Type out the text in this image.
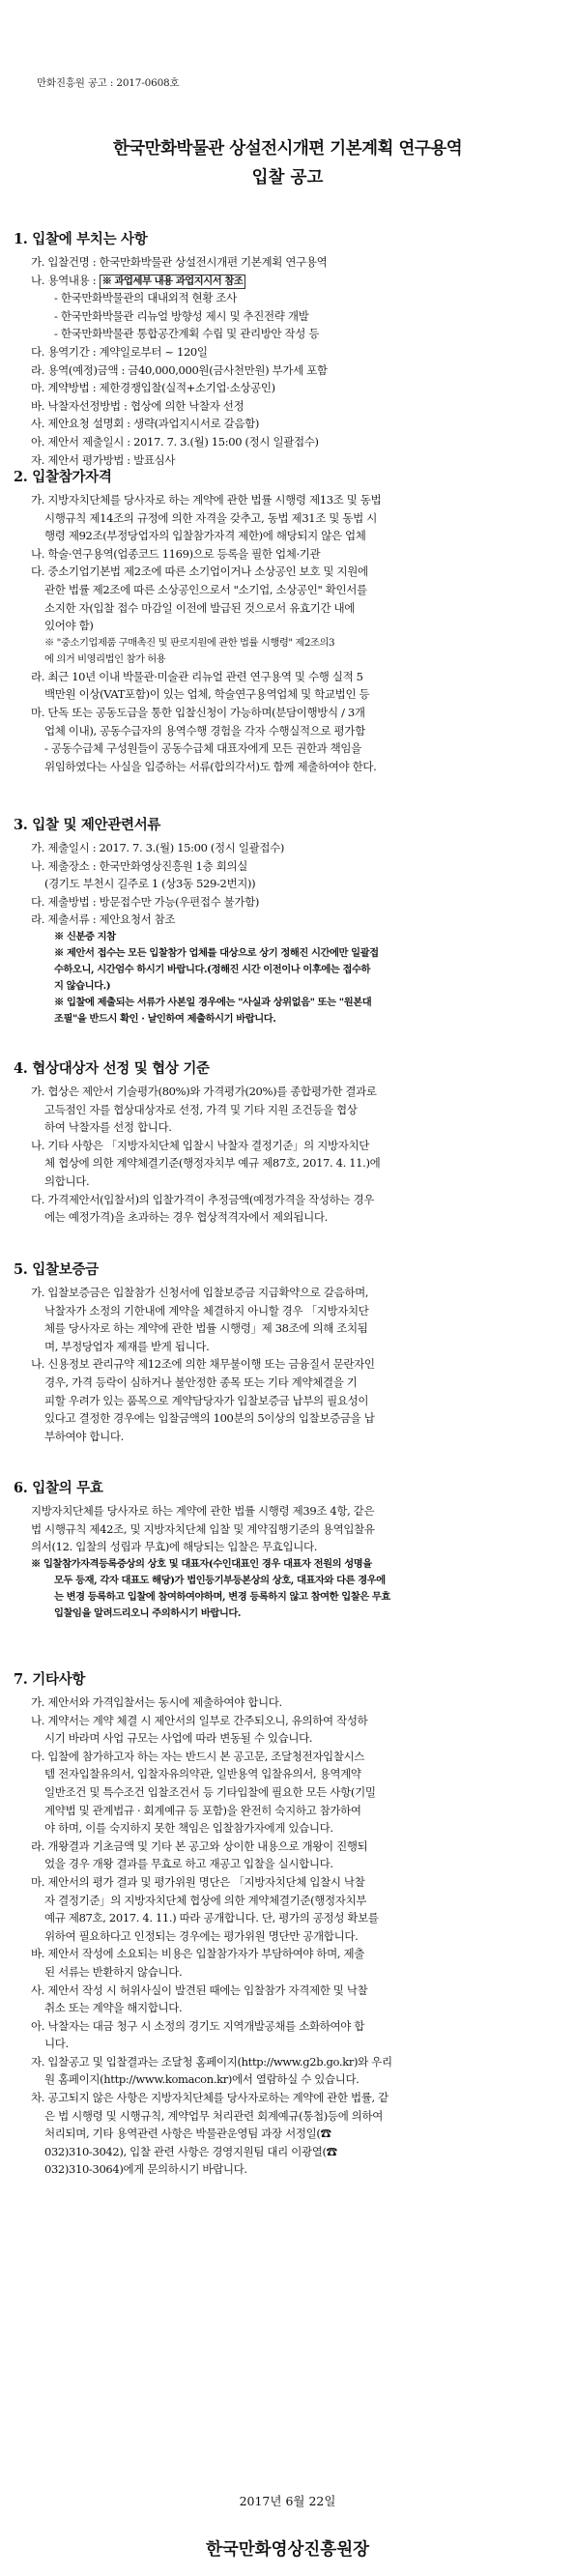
만화진흥원 공고 : 2017-0608호
한국만화박물관 상설전시개편 기본계획 연구용역
입찰 공고
1. 입찰에 부치는 사항

가. 입찰건명 : 한국만화박물관 상설전시개편 기본계획 연구용역

나. 용역내용 : ※ 과업세부 내용 과업지시서 참조

- 한국만화박물관의 대내외적 현황 조사

- 한국만화박물관 리뉴얼 방향성 제시 및 추진전략 개발

- 한국만화박물관 통합공간계획 수립 및 관리방안 작성 등

다. 용역기간 : 계약일로부터 ~ 120일

라. 용역(예정)금액 : 금40,000,000원(금사천만원) 부가세 포함

마. 계약방법 : 제한경쟁입찰(실적+소기업·소상공인)

바. 낙찰자선정방법 : 협상에 의한 낙찰자 선정

사. 제안요청 설명회 : 생략(과업지시서로 갈음함)

아. 제안서 제출일시 : 2017. 7. 3.(월) 15:00 (정시 일괄접수)

자. 제안서 평가방법 : 발표심사

2. 입찰참가자격

가. 지방자치단체를 당사자로 하는 계약에 관한 법률 시행령 제13조 및 동법

시행규칙 제14조의 규정에 의한 자격을 갖추고, 동법 제31조 및 동법 시

행령 제92조(부정당업자의 입찰참가자격 제한)에 해당되지 않은 업체

나. 학술·연구용역(업종코드 1169)으로 등록을 필한 업체·기관

다. 중소기업기본법 제2조에 따른 소기업이거나 소상공인 보호 및 지원에

관한 법률 제2조에 따른 소상공인으로서 "소기업, 소상공인" 확인서를

소지한 자(입찰 접수 마감일 이전에 발급된 것으로서 유효기간 내에

있어야 함)

※ "중소기업제품 구매촉진 및 판로지원에 관한 법률 시행령" 제2조의3

에 의거 비영리법인 참가 허용

라. 최근 10년 이내 박물관·미술관 리뉴얼 관련 연구용역 및 수행 실적 5

백만원 이상(VAT포함)이 있는 업체, 학술연구용역업체 및 학교법인 등

마. 단독 또는 공동도급을 통한 입찰신청이 가능하며(분담이행방식 / 3개

업체 이내), 공동수급자의 용역수행 경험을 각자 수행실적으로 평가함

- 공동수급체 구성원들이 공동수급체 대표자에게 모든 권한과 책임을

위임하였다는 사실을 입증하는 서류(합의각서)도 함께 제출하여야 한다.

3. 입찰 및 제안관련서류

가. 제출일시 : 2017. 7. 3.(월) 15:00 (정시 일괄접수)

나. 제출장소 : 한국만화영상진흥원 1층 회의실

(경기도 부천시 길주로 1 (상3동 529-2번지))

다. 제출방법 : 방문접수만 가능(우편접수 불가함)

라. 제출서류 : 제안요청서 참조

※ 신분증 지참

※ 제안서 접수는 모든 입찰참가 업체를 대상으로 상기 정해진 시간에만 일괄접

수하오니, 시간엄수 하시기 바랍니다.(정해진 시간 이전이나 이후에는 접수하

지 않습니다.)

※ 입찰에 제출되는 서류가 사본일 경우에는 "사실과 상위없음" 또는 "원본대

조필"을 반드시 확인 · 날인하여 제출하시기 바랍니다.

4. 협상대상자 선정 및 협상 기준

가. 협상은 제안서 기술평가(80%)와 가격평가(20%)를 종합평가한 결과로

고득점인 자를 협상대상자로 선정, 가격 및 기타 지원 조건등을 협상

하여 낙찰자를 선정 합니다.

나. 기타 사항은 「지방자치단체 입찰시 낙찰자 결정기준」의 지방자치단

체 협상에 의한 계약체결기준(행정자치부 예규 제87호, 2017. 4. 11.)에

의합니다.

다. 가격제안서(입찰서)의 입찰가격이 추정금액(예정가격을 작성하는 경우

에는 예정가격)을 초과하는 경우 협상적격자에서 제외됩니다.

5. 입찰보증금

가. 입찰보증금은 입찰참가 신청서에 입찰보증금 지급확약으로 갈음하며,

낙찰자가 소정의 기한내에 계약을 체결하지 아니할 경우 「지방자치단

체를 당사자로 하는 계약에 관한 법률 시행령」제 38조에 의해 조치됨

며, 부정당업자 제재를 받게 됩니다.

나. 신용정보 관리규약 제12조에 의한 채무불이행 또는 금융질서 문란자인

경우, 가격 등락이 심하거나 불안정한 종목 또는 기타 계약체결을 기

피할 우려가 있는 품목으로 계약담당자가 입찰보증금 납부의 필요성이

있다고 결정한 경우에는 입찰금액의 100분의 5이상의 입찰보증금을 납

부하여야 합니다.

6. 입찰의 무효

지방자치단체를 당사자로 하는 계약에 관한 법률 시행령 제39조 4항, 같은

법 시행규칙 제42조, 및 지방자치단체 입찰 및 계약집행기준의 용역입찰유

의서(12. 입찰의 성립과 무효)에 해당되는 입찰은 무효입니다.

※ 입찰참가자격등록증상의 상호 및 대표자(수인대표인 경우 대표자 전원의 성명을

모두 등재, 각자 대표도 해당)가 법인등기부등본상의 상호, 대표자와 다른 경우에

는 변경 등록하고 입찰에 참여하여야하며, 변경 등록하지 않고 참여한 입찰은 무효

입찰임을 알려드리오니 주의하시기 바랍니다.

7. 기타사항

가. 제안서와 가격입찰서는 동시에 제출하여야 합니다.

나. 계약서는 계약 체결 시 제안서의 일부로 간주되오니, 유의하여 작성하

시기 바라며 사업 규모는 사업에 따라 변동될 수 있습니다.

다. 입찰에 참가하고자 하는 자는 반드시 본 공고문, 조달청전자입찰시스

템 전자입찰유의서, 입찰자유의약관, 일반용역 입찰유의서, 용역계약

일반조건 및 특수조건 입찰조건서 등 기타입찰에 필요한 모든 사항(기밀

계약법 및 관계법규 · 회계예규 등 포함)을 완전히 숙지하고 참가하여

야 하며, 이를 숙지하지 못한 책임은 입찰참가자에게 있습니다.

라. 개왕결과 기초금액 및 기타 본 공고와 상이한 내용으로 개왕이 진행되

었을 경우 개왕 결과를 무효로 하고 재공고 입찰을 실시합니다.

마. 제안서의 평가 결과 및 평가위원 명단은 「지방자치단체 입찰시 낙찰

자 결정기준」의 지방자치단체 협상에 의한 계약체결기준(행정자치부

예규 제87호, 2017. 4. 11.) 따라 공개합니다. 단, 평가의 공정성 확보를

위하여 필요하다고 인정되는 경우에는 평가위원 명단만 공개합니다.

바. 제안서 작성에 소요되는 비용은 입찰참가자가 부담하여야 하며, 제출

된 서류는 반환하지 않습니다.

사. 제안서 작성 시 허위사실이 발견된 때에는 입찰참가 자격제한 및 낙찰

취소 또는 계약을 해지합니다.

아. 낙찰자는 대금 청구 시 소정의 경기도 지역개발공채를 소화하여야 합

니다.

자. 입찰공고 및 입찰결과는 조달청 홈페이지(http://www.g2b.go.kr)와 우리

원 홈페이지(http://www.komacon.kr)에서 열람하실 수 있습니다.

차. 공고되지 않은 사항은 지방자치단체를 당사자로하는 계약에 관한 법률, 같

은 법 시행령 및 시행규칙, 계약업무 처리관련 회계예규(통첩)등에 의하여

처리되며, 기타 용역관련 사항은 박물관운영팀 과장 서정일(☎

032)310-3042), 입찰 관련 사항은 경영지원팀 대리 이광열(☎

032)310-3064)에게 문의하시기 바랍니다.

2017년 6월 22일
한국만화영상진흥원장
